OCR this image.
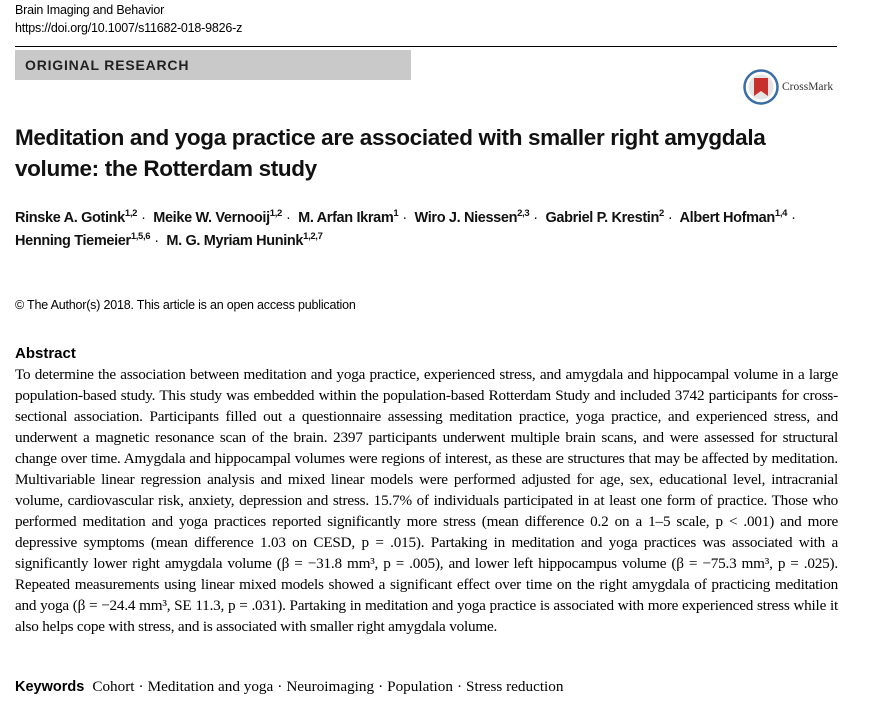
Brain Imaging and Behavior
https://doi.org/10.1007/s11682-018-9826-z
ORIGINAL RESEARCH
CrossMark
Meditation and yoga practice are associated with smaller right amygdala volume: the Rotterdam study
Rinske A. Gotink$^{1,2}$ · Meike W. Vernooij$^{1,2}$ · M. Arfan Ikram$^1$ · Wiro J. Niessen$^{2,3}$ · Gabriel P. Krestin$^2$ · Albert Hofman$^{1,4}$ · Henning Tiemeier$^{1,5,6}$ · M. G. Myriam Hunink$^{1,2,7}$
© The Author(s) 2018. This article is an open access publication
Abstract
To determine the association between meditation and yoga practice, experienced stress, and amygdala and hippocampal volume in a large population-based study. This study was embedded within the population-based Rotterdam Study and included 3742 participants for cross-sectional association. Participants filled out a questionnaire assessing meditation practice, yoga practice, and experienced stress, and underwent a magnetic resonance scan of the brain. 2397 participants underwent multiple brain scans, and were assessed for structural change over time. Amygdala and hippocampal volumes were regions of interest, as these are structures that may be affected by meditation. Multivariable linear regression analysis and mixed linear models were performed adjusted for age, sex, educational level, intracranial volume, cardiovascular risk, anxiety, depression and stress. 15.7% of individuals participated in at least one form of practice. Those who performed meditation and yoga practices reported significantly more stress (mean difference 0.2 on a 1–5 scale, p < .001) and more depressive symptoms (mean difference 1.03 on CESD, p = .015). Partaking in meditation and yoga practices was associated with a significantly lower right amygdala volume (β = −31.8 mm³, p = .005), and lower left hippocampus volume (β = −75.3 mm³, p = .025). Repeated measurements using linear mixed models showed a significant effect over time on the right amygdala of practicing meditation and yoga (β = −24.4 mm³, SE 11.3, p = .031). Partaking in meditation and yoga practice is associated with more experienced stress while it also helps cope with stress, and is associated with smaller right amygdala volume.
Keywords Cohort · Meditation and yoga · Neuroimaging · Population · Stress reduction
